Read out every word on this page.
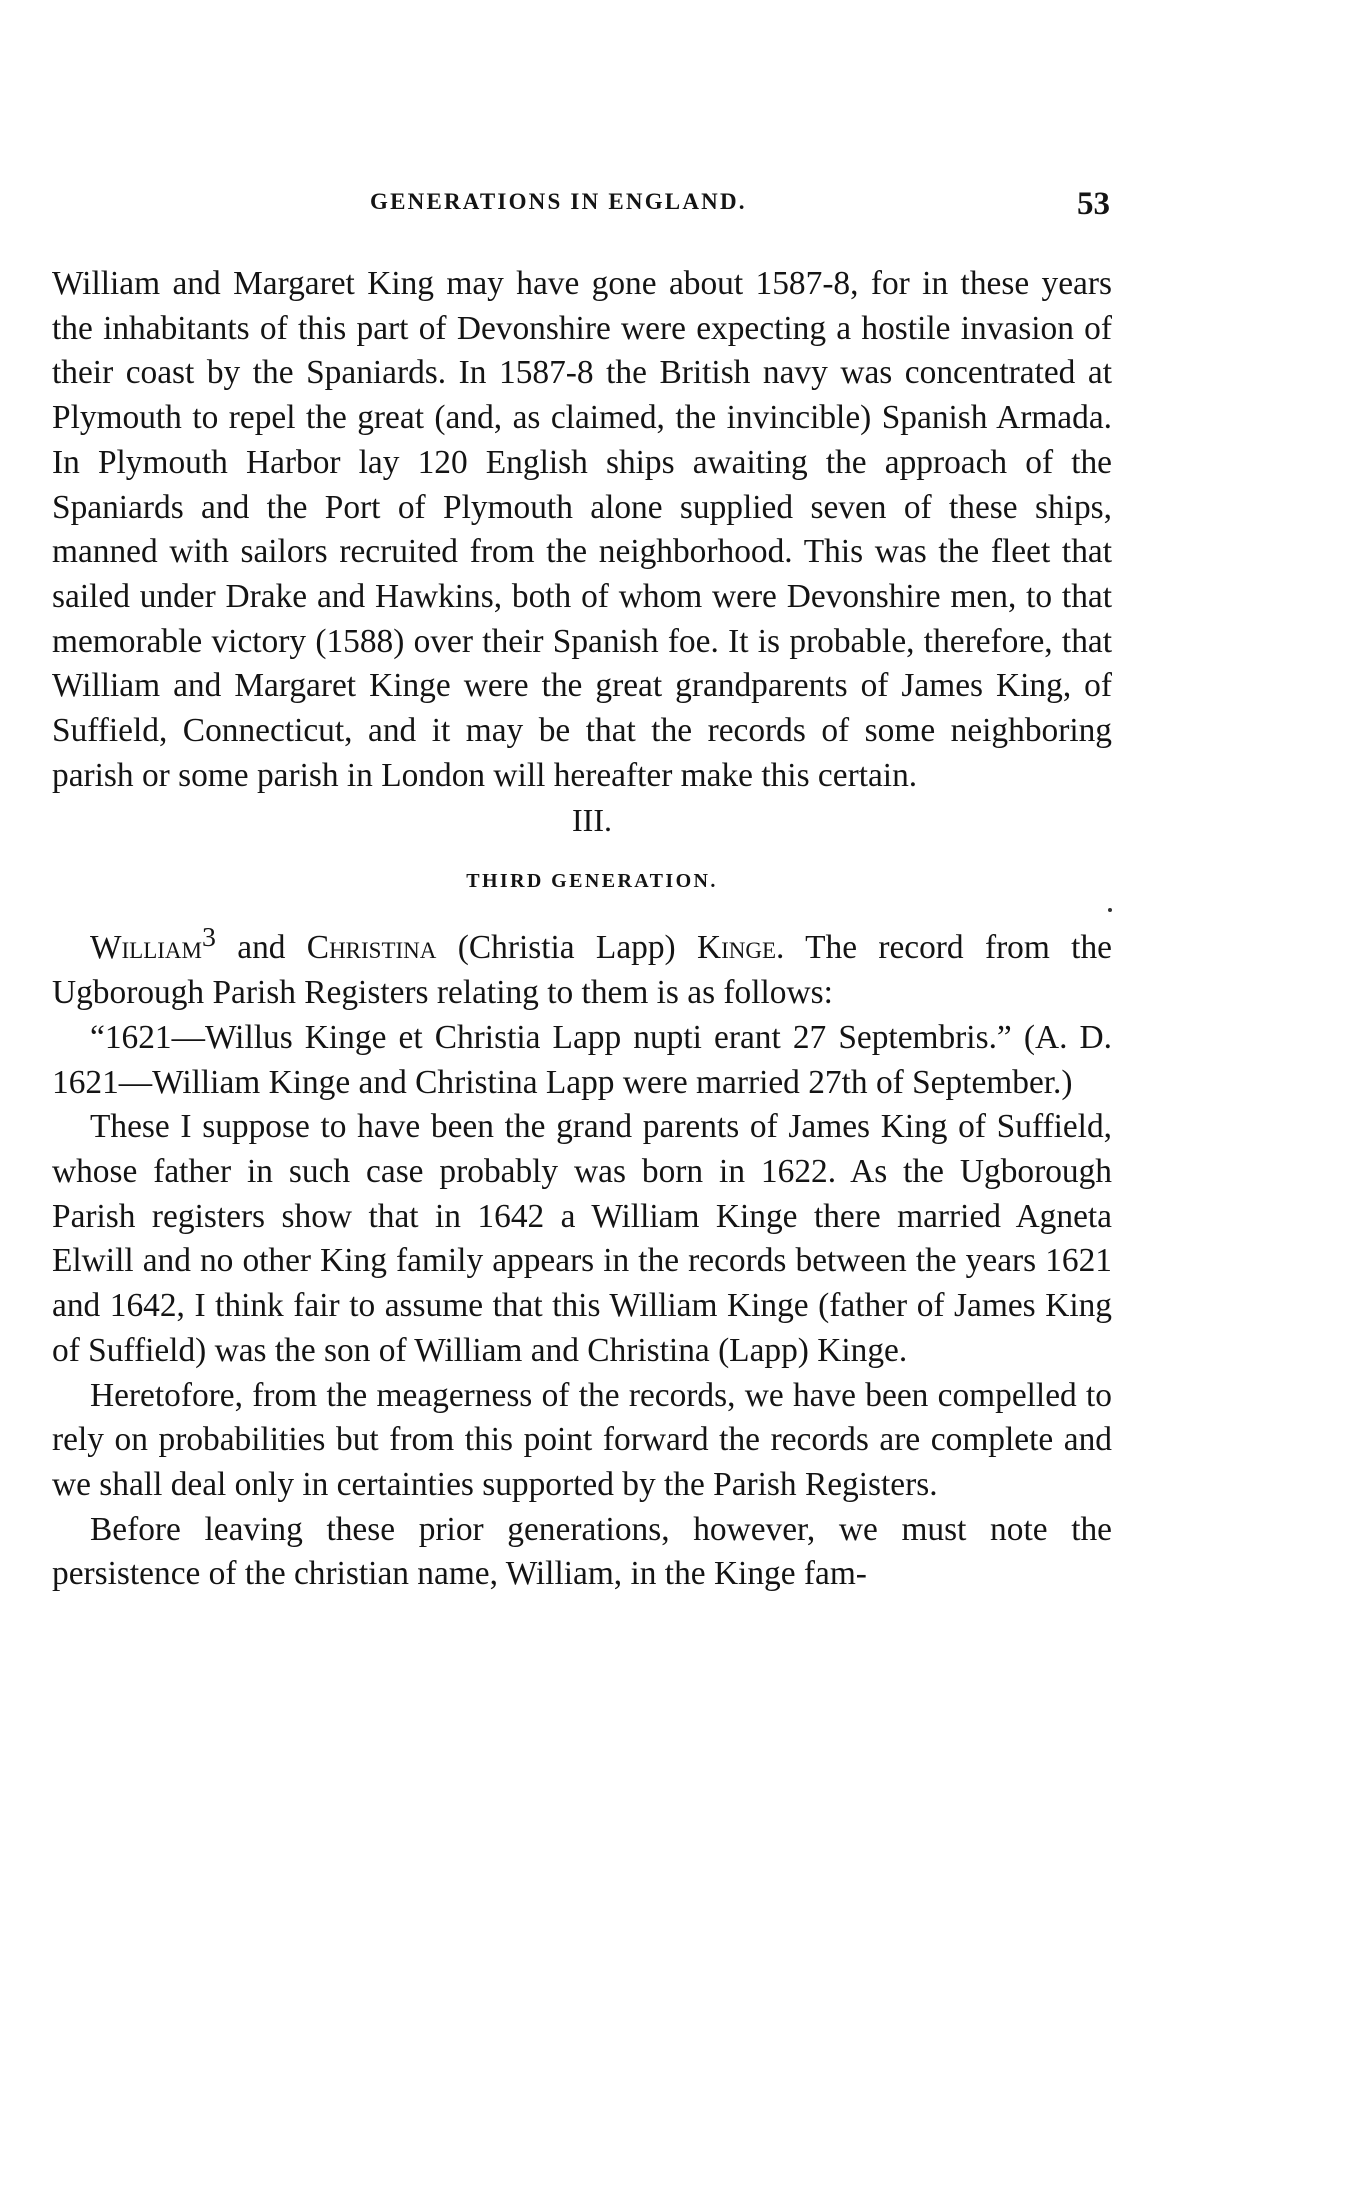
GENERATIONS IN ENGLAND.	53

William and Margaret King may have gone about 1587-8, for in these years the inhabitants of this part of Devonshire were expecting a hostile invasion of their coast by the Spaniards. In 1587-8 the British navy was concentrated at Plymouth to repel the great (and, as claimed, the invincible) Spanish Armada. In Plymouth Harbor lay 120 English ships awaiting the approach of the Spaniards and the Port of Plymouth alone supplied seven of these ships, manned with sailors recruited from the neighborhood. This was the fleet that sailed under Drake and Hawkins, both of whom were Devonshire men, to that memorable victory (1588) over their Spanish foe. It is probable, therefore, that William and Margaret Kinge were the great grandparents of James King, of Suffield, Connecticut, and it may be that the records of some neighboring parish or some parish in London will hereafter make this certain.

III.

THIRD GENERATION.

William$^3$ and Christina (Christia Lapp) Kinge. The record from the Ugborough Parish Registers relating to them is as follows:

“1621—Willus Kinge et Christia Lapp nupti erant 27 Septembris.” (A. D. 1621—William Kinge and Christina Lapp were married 27th of September.)

These I suppose to have been the grand parents of James King of Suffield, whose father in such case probably was born in 1622. As the Ugborough Parish registers show that in 1642 a William Kinge there married Agneta Elwill and no other King family appears in the records between the years 1621 and 1642, I think fair to assume that this William Kinge (father of James King of Suffield) was the son of William and Christina (Lapp) Kinge.

Heretofore, from the meagerness of the records, we have been compelled to rely on probabilities but from this point forward the records are complete and we shall deal only in certainties supported by the Parish Registers.

Before leaving these prior generations, however, we must note the persistence of the christian name, William, in the Kinge fam-
